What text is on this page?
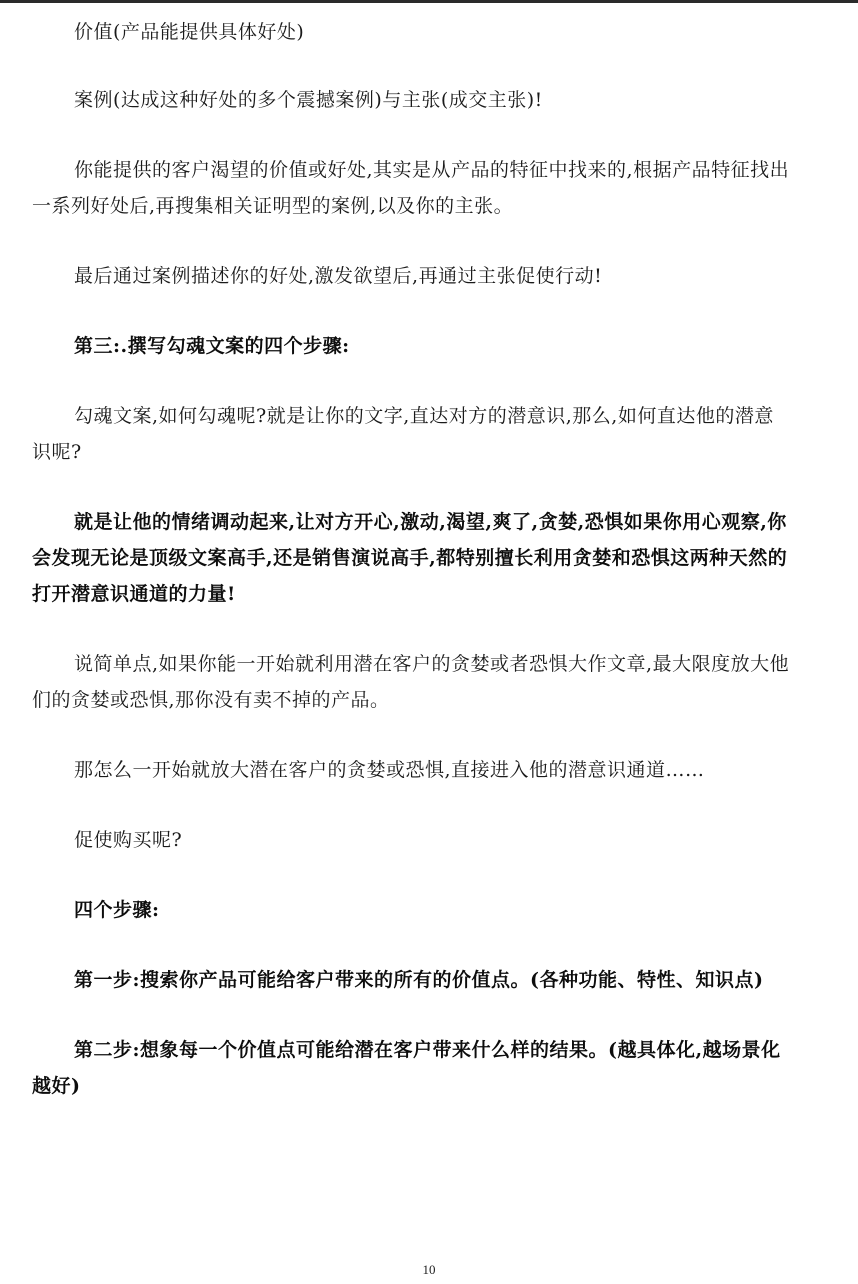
价值(产品能提供具体好处)

案例(达成这种好处的多个震撼案例)与主张(成交主张)!

你能提供的客户渴望的价值或好处,其实是从产品的特征中找来的,根据产品特征找出一系列好处后,再搜集相关证明型的案例,以及你的主张。

最后通过案例描述你的好处,激发欲望后,再通过主张促使行动!

第三:.撰写勾魂文案的四个步骤:

勾魂文案,如何勾魂呢?就是让你的文字,直达对方的潜意识,那么,如何直达他的潜意识呢?

就是让他的情绪调动起来,让对方开心,激动,渴望,爽了,贪婪,恐惧如果你用心观察,你会发现无论是顶级文案高手,还是销售演说高手,都特别擅长利用贪婪和恐惧这两种天然的打开潜意识通道的力量!

说简单点,如果你能一开始就利用潜在客户的贪婪或者恐惧大作文章,最大限度放大他们的贪婪或恐惧,那你没有卖不掉的产品。

那怎么一开始就放大潜在客户的贪婪或恐惧,直接进入他的潜意识通道……

促使购买呢?

四个步骤:

第一步:搜索你产品可能给客户带来的所有的价值点。(各种功能、特性、知识点)

第二步:想象每一个价值点可能给潜在客户带来什么样的结果。(越具体化,越场景化越好)

10
